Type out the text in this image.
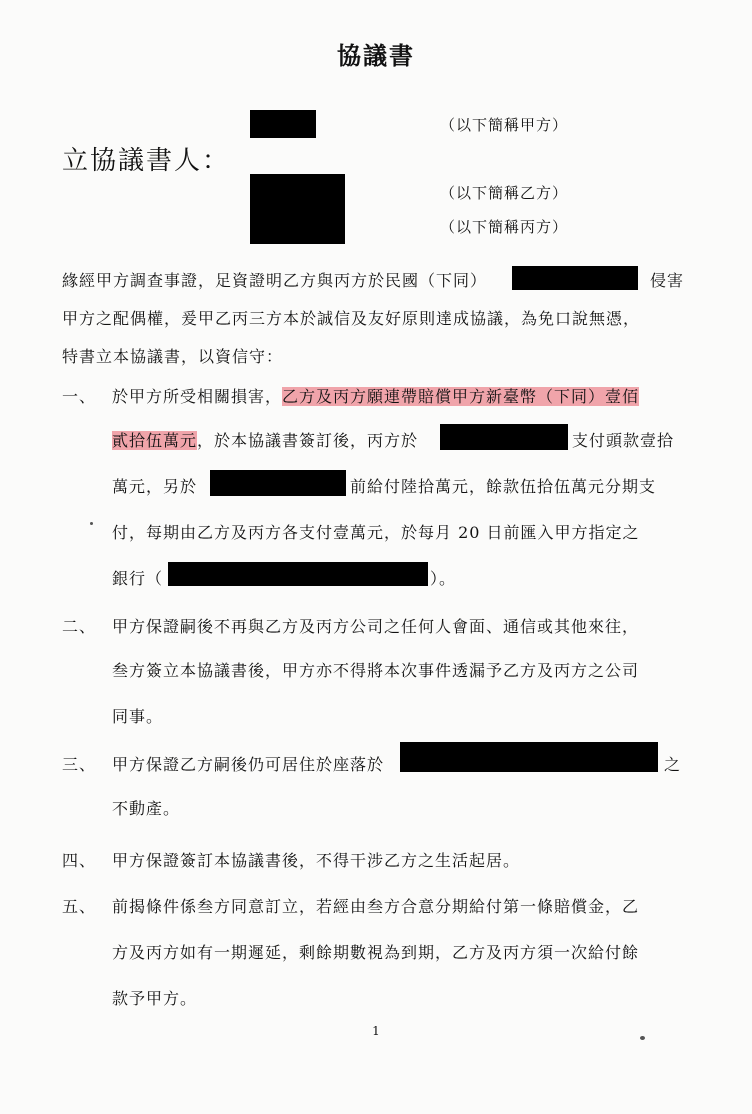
協議書
立協議書人：
（以下簡稱甲方）
（以下簡稱乙方）
（以下簡稱丙方）
緣經甲方調查事證，足資證明乙方與丙方於民國（下同）	侵害
甲方之配偶權，爰甲乙丙三方本於誠信及友好原則達成協議，為免口說無憑，
特書立本協議書，以資信守：
一、 於甲方所受相關損害，乙方及丙方願連帶賠償甲方新臺幣（下同）壹佰
貳拾伍萬元，於本協議書簽訂後，丙方於	支付頭款壹拾
萬元，另於	前給付陸拾萬元，餘款伍拾伍萬元分期支
付，每期由乙方及丙方各支付壹萬元，於每月 20 日前匯入甲方指定之
銀行（	）。
二、 甲方保證嗣後不再與乙方及丙方公司之任何人會面、通信或其他來往，
叁方簽立本協議書後，甲方亦不得將本次事件透漏予乙方及丙方之公司
同事。
三、 甲方保證乙方嗣後仍可居住於座落於	之
不動產。
四、 甲方保證簽訂本協議書後，不得干涉乙方之生活起居。
五、 前揭條件係叁方同意訂立，若經由叁方合意分期給付第一條賠償金，乙
方及丙方如有一期遲延，剩餘期數視為到期，乙方及丙方須一次給付餘
款予甲方。
1
